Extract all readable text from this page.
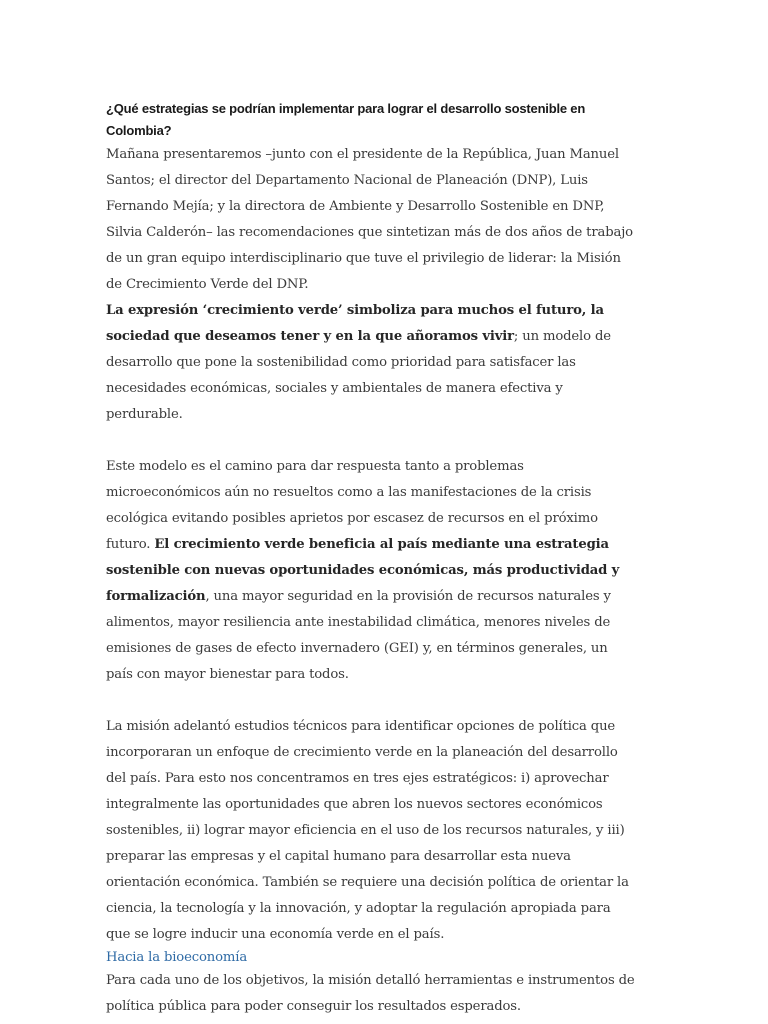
¿Qué estrategias se podrían implementar para lograr el desarrollo sostenible en Colombia?

Mañana presentaremos –junto con el presidente de la República, Juan Manuel Santos; el director del Departamento Nacional de Planeación (DNP), Luis Fernando Mejía; y la directora de Ambiente y Desarrollo Sostenible en DNP, Silvia Calderón– las recomendaciones que sintetizan más de dos años de trabajo de un gran equipo interdisciplinario que tuve el privilegio de liderar: la Misión de Crecimiento Verde del DNP.

La expresión ‘crecimiento verde’ simboliza para muchos el futuro, la sociedad que deseamos tener y en la que añoramos vivir; un modelo de desarrollo que pone la sostenibilidad como prioridad para satisfacer las necesidades económicas, sociales y ambientales de manera efectiva y perdurable.

Este modelo es el camino para dar respuesta tanto a problemas microeconómicos aún no resueltos como a las manifestaciones de la crisis ecológica evitando posibles aprietos por escasez de recursos en el próximo futuro. El crecimiento verde beneficia al país mediante una estrategia sostenible con nuevas oportunidades económicas, más productividad y formalización, una mayor seguridad en la provisión de recursos naturales y alimentos, mayor resiliencia ante inestabilidad climática, menores niveles de emisiones de gases de efecto invernadero (GEI) y, en términos generales, un país con mayor bienestar para todos.

La misión adelantó estudios técnicos para identificar opciones de política que incorporaran un enfoque de crecimiento verde en la planeación del desarrollo del país. Para esto nos concentramos en tres ejes estratégicos: i) aprovechar integralmente las oportunidades que abren los nuevos sectores económicos sostenibles, ii) lograr mayor eficiencia en el uso de los recursos naturales, y iii) preparar las empresas y el capital humano para desarrollar esta nueva orientación económica. También se requiere una decisión política de orientar la ciencia, la tecnología y la innovación, y adoptar la regulación apropiada para que se logre inducir una economía verde en el país.

Hacia la bioeconomía

Para cada uno de los objetivos, la misión detalló herramientas e instrumentos de política pública para poder conseguir los resultados esperados.
